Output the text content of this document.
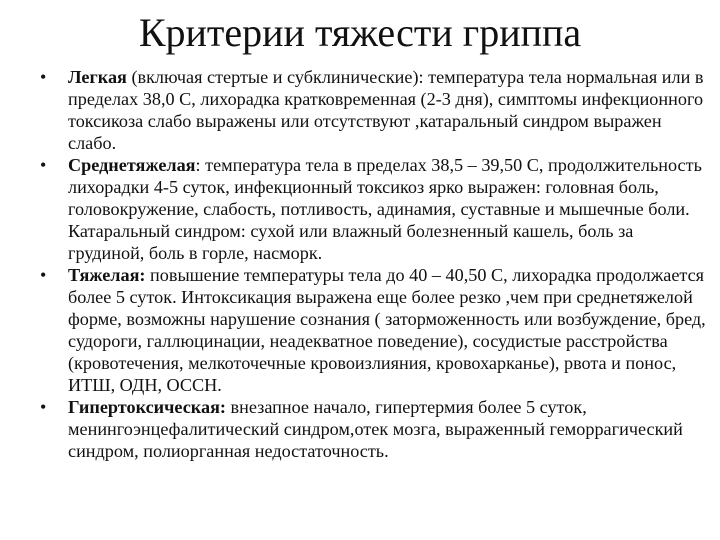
Критерии тяжести гриппа
• Легкая (включая стертые и субклинические): температура тела нормальная или в пределах 38,0 С, лихорадка кратковременная (2-3 дня), симптомы инфекционного токсикоза слабо выражены или отсутствуют ,катаральный синдром выражен слабо.
• Среднетяжелая: температура тела в пределах 38,5 – 39,50 С, продолжительность лихорадки 4-5 суток, инфекционный токсикоз ярко выражен: головная боль, головокружение, слабость, потливость, адинамия, суставные и мышечные боли. Катаральный синдром: сухой или влажный болезненный кашель, боль за грудиной, боль в горле, насморк.
• Тяжелая: повышение температуры тела до 40 – 40,50 С, лихорадка продолжается более 5 суток. Интоксикация выражена еще более резко ,чем при среднетяжелой форме, возможны нарушение сознания ( заторможенность или возбуждение, бред, судороги, галлюцинации, неадекватное поведение), сосудистые расстройства (кровотечения, мелкоточечные кровоизлияния, кровохарканье), рвота и понос, ИТШ, ОДН, ОССН.
• Гипертоксическая: внезапное начало, гипертермия более 5 суток, менингоэнцефалитический синдром,отек мозга, выраженный геморрагический синдром, полиорганная недостаточность.
